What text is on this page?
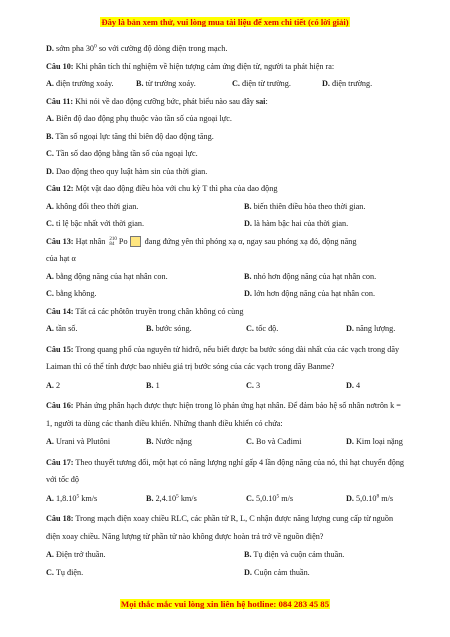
Đây là bản xem thử, vui lòng mua tài liệu để xem chi tiết (có lời giải)
D. sớm pha $30^0$ so với cường độ dòng điện trong mạch.
Câu 10: Khi phân tích thí nghiệm về hiện tượng cảm ứng điện từ, người ta phát hiện ra:
A. điện trường xoáy.	B. từ trường xoáy.	C. điện từ trường.	D. điện trường.
Câu 11: Khi nói về dao động cưỡng bức, phát biểu nào sau đây sai:
A. Biên độ dao động phụ thuộc vào tần số của ngoại lực.
B. Tần số ngoại lực tăng thì biên độ dao động tăng.
C. Tần số dao động bằng tần số của ngoại lực.
D. Dao động theo quy luật hàm sin của thời gian.
Câu 12: Một vật dao động điều hòa với chu kỳ T thì pha của dao động
A. không đổi theo thời gian.	B. biến thiên điều hòa theo thời gian.
C. tỉ lệ bậc nhất với thời gian.	D. là hàm bậc hai của thời gian.
Câu 13: Hạt nhân 210
84 Po đang đứng yên thì phóng xạ α, ngay sau phóng xạ đó, động năng
của hạt α
A. bằng động năng của hạt nhân con.	B. nhỏ hơn động năng của hạt nhân con.
C. bằng không.	D. lớn hơn động năng của hạt nhân con.
Câu 14: Tất cả các phôtôn truyền trong chân không có cùng
A. tần số.	B. bước sóng.	C. tốc độ.	D. năng lượng.
Câu 15: Trong quang phổ của nguyên tử hiđrô, nếu biết được ba bước sóng dài nhất của các vạch trong dãy Laiman thì có thể tính được bao nhiêu giá trị bước sóng của các vạch trong dãy Banme?
A. 2	B. 1	C. 3	D. 4
Câu 16: Phản ứng phân hạch được thực hiện trong lò phản ứng hạt nhân. Để đảm bảo hệ số nhân nơtrôn k = 1, người ta dùng các thanh điều khiển. Những thanh điều khiển có chứa:
A. Urani và Plutôni	B. Nước nặng	C. Bo và Cađimi	D. Kim loại nặng
Câu 17: Theo thuyết tương đối, một hạt có năng lượng nghỉ gấp 4 lần động năng của nó, thì hạt chuyển động với tốc độ
A. 1,8.10$^5$ km/s	B. 2,4.10$^5$ km/s	C. 5,0.10$^5$ m/s	D. 5,0.10$^8$ m/s
Câu 18: Trong mạch điện xoay chiều RLC, các phần tử R, L, C nhận được năng lượng cung cấp từ nguồn điện xoay chiều. Năng lượng từ phần tử nào không được hoàn trả trở về nguồn điện?
A. Điện trở thuần.	B. Tụ điện và cuộn cảm thuần.
C. Tụ điện.	D. Cuộn cảm thuần.
Mọi thắc mắc vui lòng xin liên hệ hotline: 084 283 45 85
